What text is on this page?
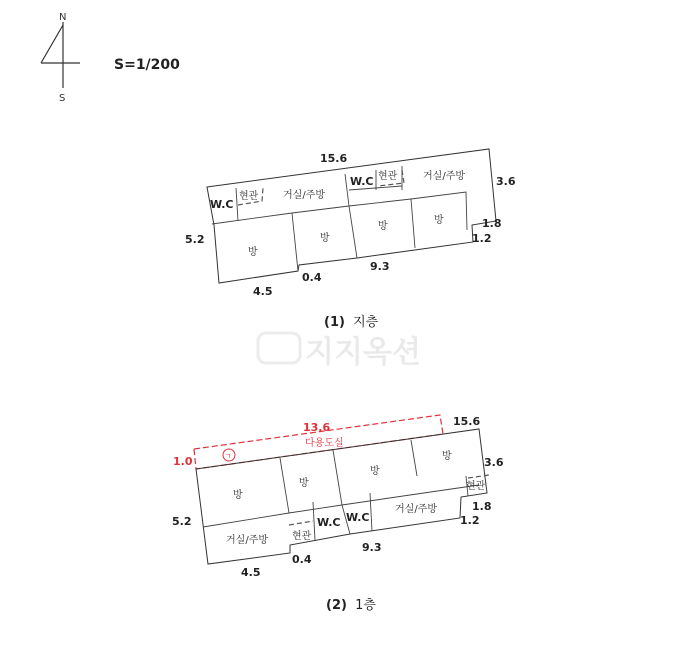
지지옥션
N
S
S=1/200
W.C
현관 거실/주방
W.C 현관	거실/주방
방
방
방
방
15.6
3.6
5.2
4.5
0.4
9.3
1.8
1.2
(1) 지층
13.6
1.0
다용도실
ㄱ
방
방
방
방
현관
거실/주방 현관
W.C W.C
거실/주방
15.6
3.6
5.2
4.5
0.4
9.3
1.8
1.2
(2) 1층
